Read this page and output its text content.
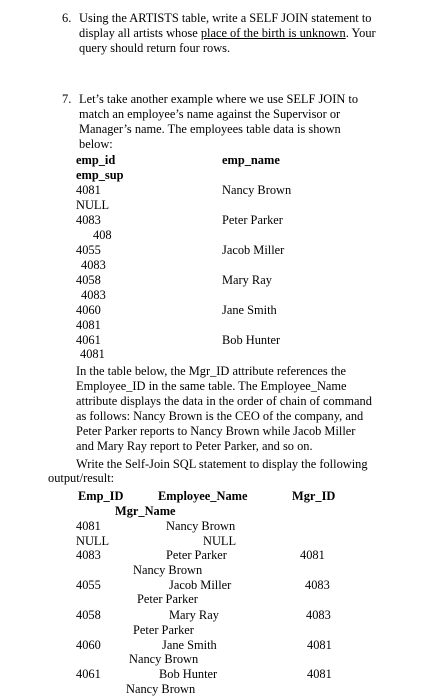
6. Using the ARTISTS table, write a SELF JOIN statement to
display all artists whose place of the birth is unknown. Your
query should return four rows.
7. Let’s take another example where we use SELF JOIN to
match an employee’s name against the Supervisor or
Manager’s name. The employees table data is shown
below:
emp_id	emp_name
emp_sup
4081	Nancy Brown
NULL
4083	Peter Parker
408
4055	Jacob Miller
4083
4058	Mary Ray
4083
4060	Jane Smith
4081
4061	Bob Hunter
4081
In the table below, the Mgr_ID attribute references the
Employee_ID in the same table. The Employee_Name
attribute displays the data in the order of chain of command
as follows: Nancy Brown is the CEO of the company, and
Peter Parker reports to Nancy Brown while Jacob Miller
and Mary Ray report to Peter Parker, and so on.
Write the Self-Join SQL statement to display the following
output/result:
Emp_ID	Employee_Name	Mgr_ID
Mgr_Name
4081	Nancy Brown
NULL	NULL
4083	Peter Parker	4081
Nancy Brown
4055	Jacob Miller	4083
Peter Parker
4058	Mary Ray	4083
Peter Parker
4060	Jane Smith	4081
Nancy Brown
4061	Bob Hunter	4081
Nancy Brown
